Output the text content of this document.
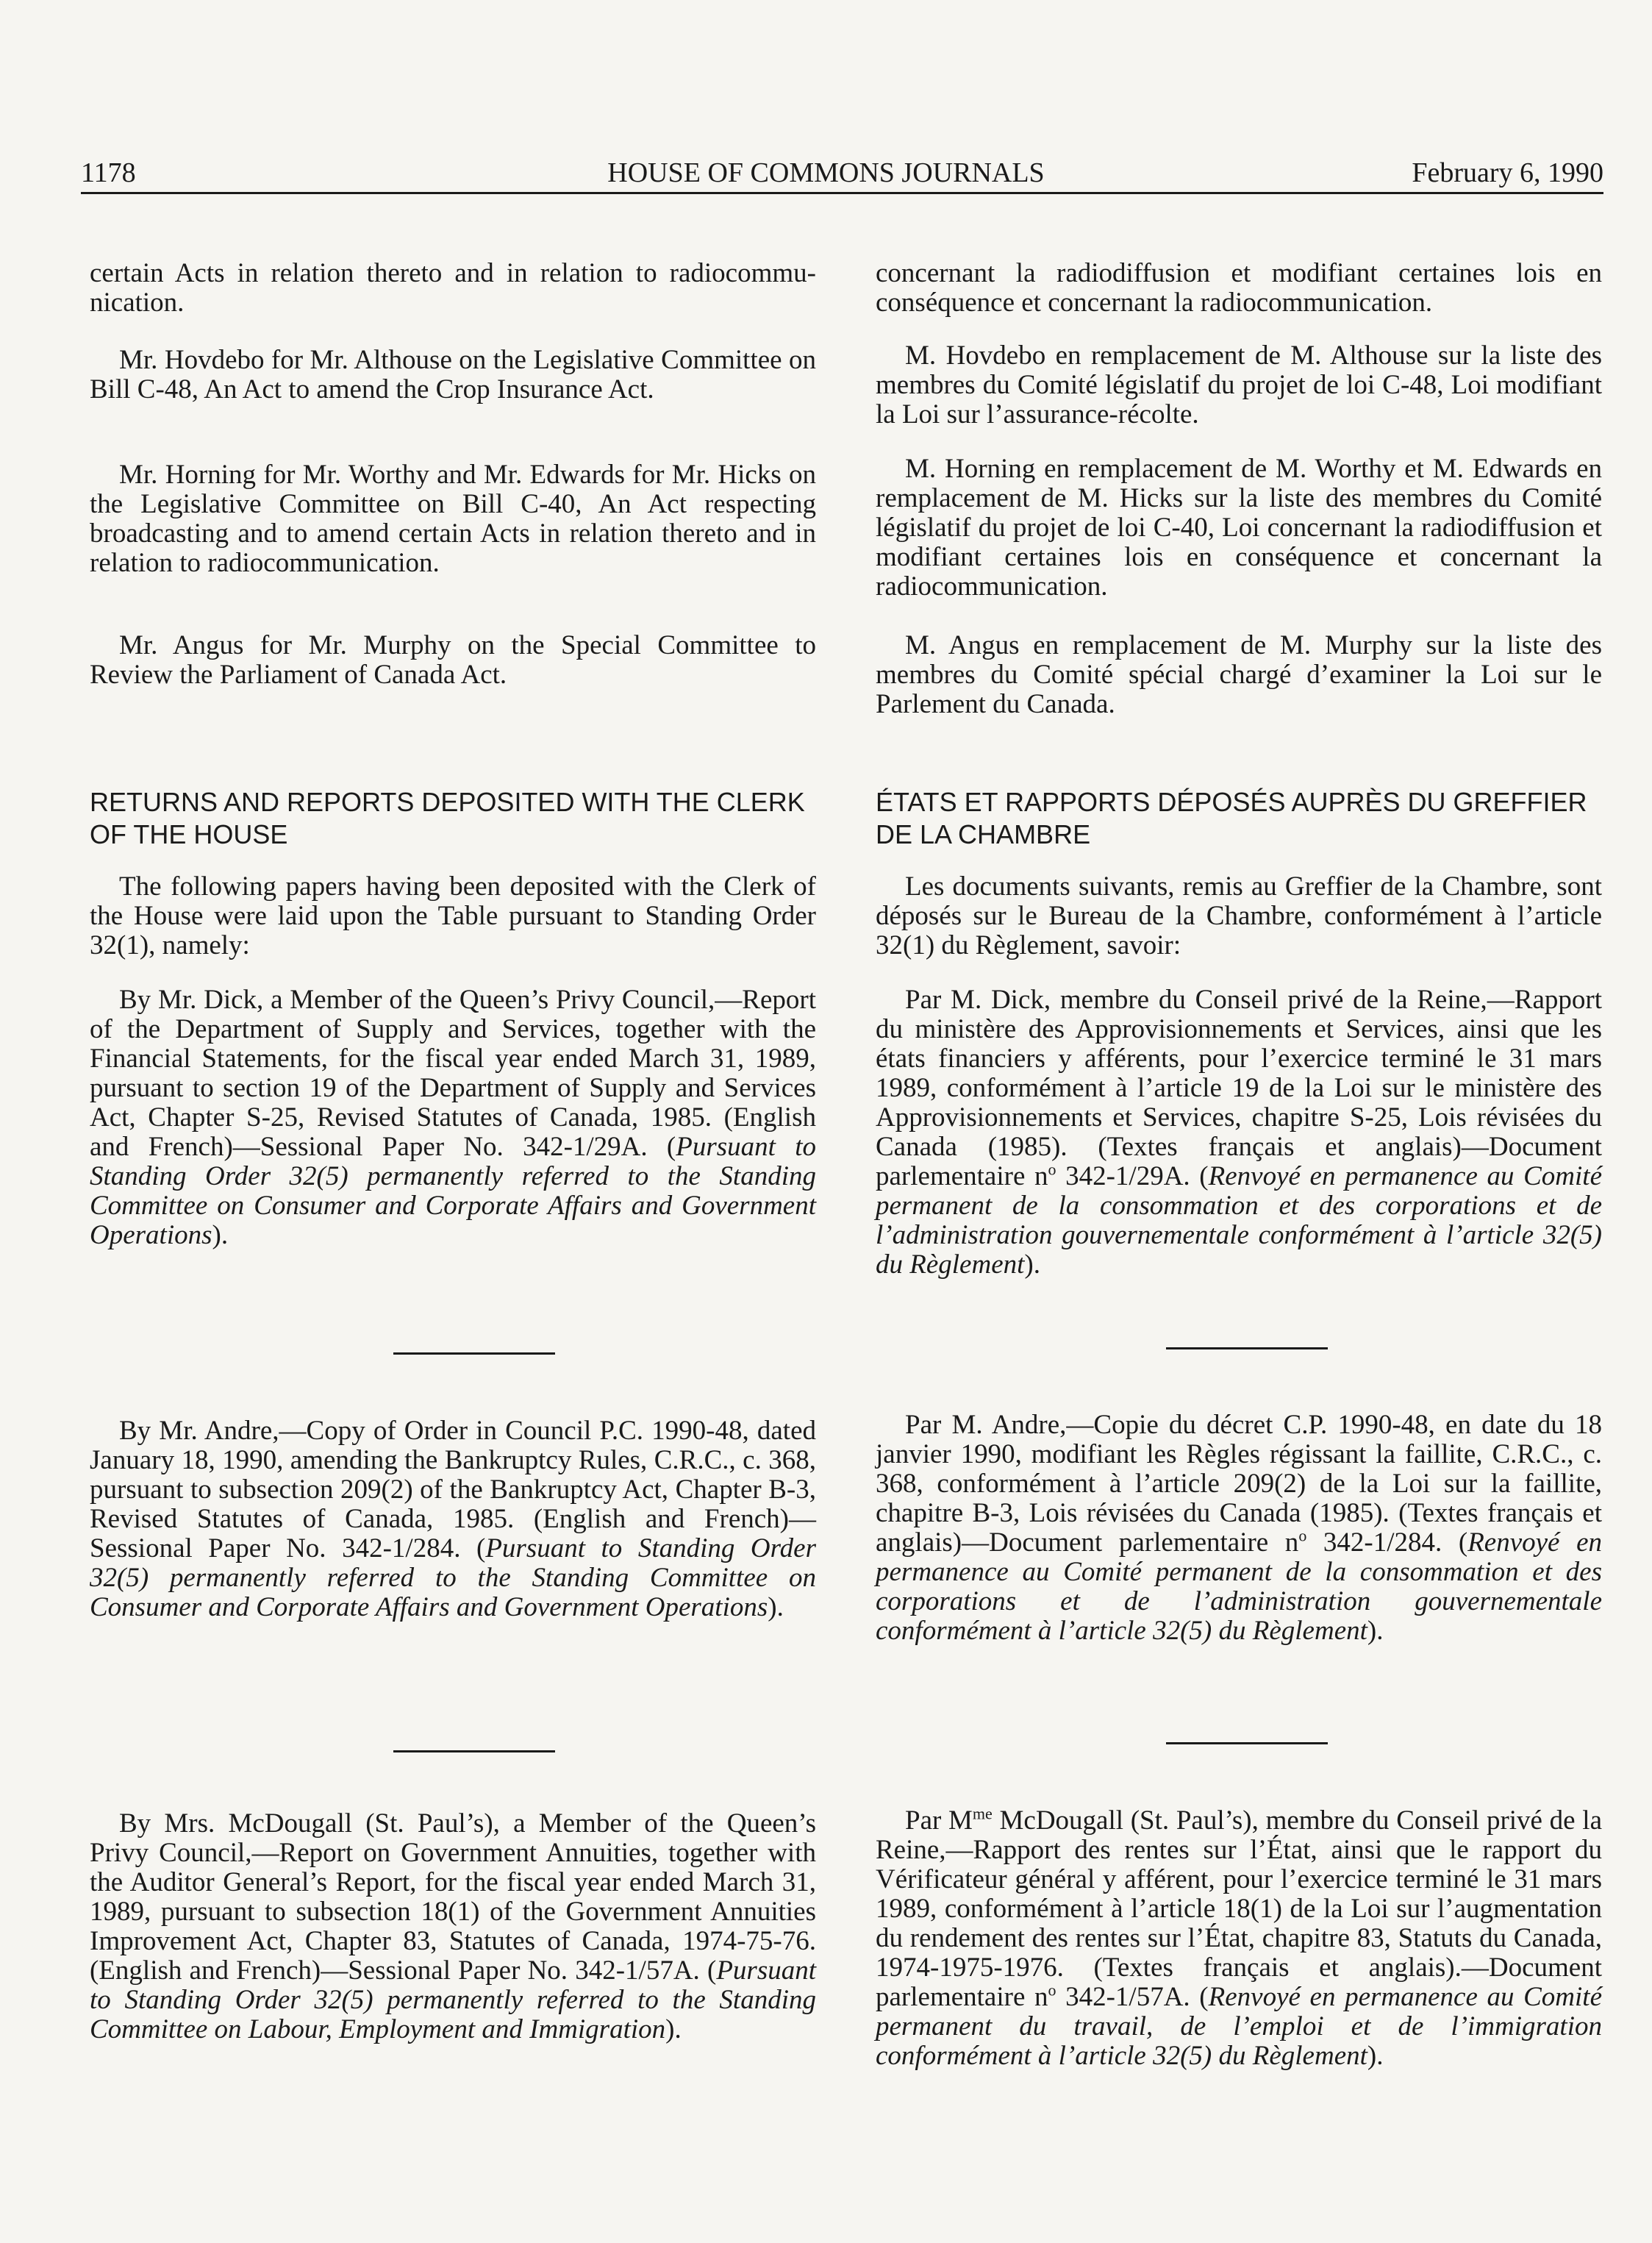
1178	HOUSE OF COMMONS JOURNALS	February 6, 1990

certain Acts in relation thereto and in relation to radiocommunication.

Mr. Hovdebo for Mr. Althouse on the Legislative Committee on Bill C-48, An Act to amend the Crop Insurance Act.

Mr. Horning for Mr. Worthy and Mr. Edwards for Mr. Hicks on the Legislative Committee on Bill C-40, An Act respecting broadcasting and to amend certain Acts in relation thereto and in relation to radiocommunication.

Mr. Angus for Mr. Murphy on the Special Committee to Review the Parliament of Canada Act.

RETURNS AND REPORTS DEPOSITED WITH THE CLERK OF THE HOUSE

The following papers having been deposited with the Clerk of the House were laid upon the Table pursuant to Standing Order 32(1), namely:

By Mr. Dick, a Member of the Queen’s Privy Council,—Report of the Department of Supply and Services, together with the Financial Statements, for the fiscal year ended March 31, 1989, pursuant to section 19 of the Department of Supply and Services Act, Chapter S-25, Revised Statutes of Canada, 1985. (English and French)—Sessional Paper No. 342-1/29A. (Pursuant to Standing Order 32(5) permanently referred to the Standing Committee on Consumer and Corporate Affairs and Government Operations).

By Mr. Andre,—Copy of Order in Council P.C. 1990-48, dated January 18, 1990, amending the Bankruptcy Rules, C.R.C., c. 368, pursuant to subsection 209(2) of the Bankruptcy Act, Chapter B-3, Revised Statutes of Canada, 1985. (English and French)—Sessional Paper No. 342-1/284. (Pursuant to Standing Order 32(5) permanently referred to the Standing Committee on Consumer and Corporate Affairs and Government Operations).

By Mrs. McDougall (St. Paul’s), a Member of the Queen’s Privy Council,—Report on Government Annuities, together with the Auditor General’s Report, for the fiscal year ended March 31, 1989, pursuant to subsection 18(1) of the Government Annuities Improvement Act, Chapter 83, Statutes of Canada, 1974-75-76. (English and French)—Sessional Paper No. 342-1/57A. (Pursuant to Standing Order 32(5) permanently referred to the Standing Committee on Labour, Employment and Immigration).

concernant la radiodiffusion et modifiant certaines lois en conséquence et concernant la radiocommunication.

M. Hovdebo en remplacement de M. Althouse sur la liste des membres du Comité législatif du projet de loi C-48, Loi modifiant la Loi sur l’assurance-récolte.

M. Horning en remplacement de M. Worthy et M. Edwards en remplacement de M. Hicks sur la liste des membres du Comité législatif du projet de loi C-40, Loi concernant la radiodiffusion et modifiant certaines lois en conséquence et concernant la radiocommunication.

M. Angus en remplacement de M. Murphy sur la liste des membres du Comité spécial chargé d’examiner la Loi sur le Parlement du Canada.

ÉTATS ET RAPPORTS DÉPOSÉS AUPRÈS DU GREFFIER DE LA CHAMBRE

Les documents suivants, remis au Greffier de la Chambre, sont déposés sur le Bureau de la Chambre, conformément à l’article 32(1) du Règlement, savoir:

Par M. Dick, membre du Conseil privé de la Reine,—Rapport du ministère des Approvisionnements et Services, ainsi que les états financiers y afférents, pour l’exercice terminé le 31 mars 1989, conformément à l’article 19 de la Loi sur le ministère des Approvisionnements et Services, chapitre S-25, Lois révisées du Canada (1985). (Textes français et anglais)—Document parlementaire $n^o$ 342-1/29A. (Renvoyé en permanence au Comité permanent de la consommation et des corporations et de l’administration gouvernementale conformément à l’article 32(5) du Règlement).

Par M. Andre,—Copie du décret C.P. 1990-48, en date du 18 janvier 1990, modifiant les Règles régissant la faillite, C.R.C., c. 368, conformément à l’article 209(2) de la Loi sur la faillite, chapitre B-3, Lois révisées du Canada (1985). (Textes français et anglais)—Document parlementaire $n^o$ 342-1/284. (Renvoyé en permanence au Comité permanent de la consommation et des corporations et de l’administration gouvernementale conformément à l’article 32(5) du Règlement).

Par $M^{me}$ McDougall (St. Paul’s), membre du Conseil privé de la Reine,—Rapport des rentes sur l’État, ainsi que le rapport du Vérificateur général y afférent, pour l’exercice terminé le 31 mars 1989, conformément à l’article 18(1) de la Loi sur l’augmentation du rendement des rentes sur l’État, chapitre 83, Statuts du Canada, 1974-1975-1976. (Textes français et anglais).—Document parlementaire $n^o$ 342-1/57A. (Renvoyé en permanence au Comité permanent du travail, de l’emploi et de l’immigration conformément à l’article 32(5) du Règlement).
